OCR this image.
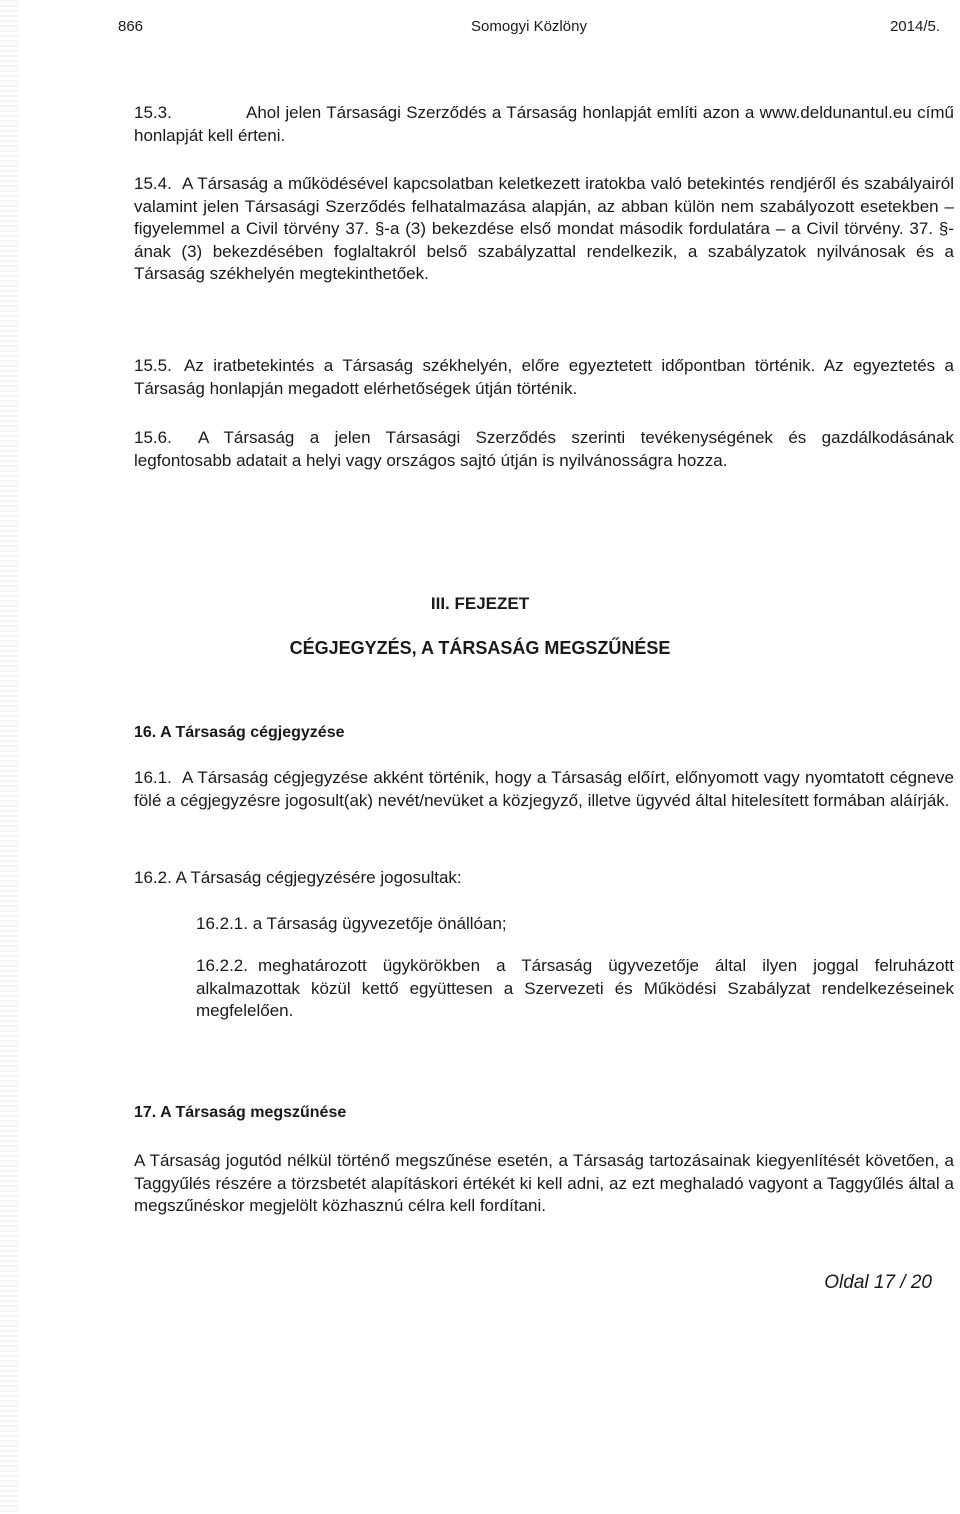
866	Somogyi Közlöny	2014/5.
15.3.	Ahol jelen Társasági Szerződés a Társaság honlapját említi azon a www.deldunantul.eu című honlapját kell érteni.
15.4. A Társaság a működésével kapcsolatban keletkezett iratokba való betekintés rendjéről és szabályairól valamint jelen Társasági Szerződés felhatalmazása alapján, az abban külön nem szabályozott esetekben – figyelemmel a Civil törvény 37. §-a (3) bekezdése első mondat második fordulatára – a Civil törvény. 37. §-ának (3) bekezdésében foglaltakról belső szabályzattal rendelkezik, a szabályzatok nyilvánosak és a Társaság székhelyén megtekinthetőek.
15.5. Az iratbetekintés a Társaság székhelyén, előre egyeztetett időpontban történik. Az egyeztetés a Társaság honlapján megadott elérhetőségek útján történik.
15.6. A Társaság a jelen Társasági Szerződés szerinti tevékenységének és gazdálkodásának legfontosabb adatait a helyi vagy országos sajtó útján is nyilvánosságra hozza.
III. FEJEZET
CÉGJEGYZÉS, A TÁRSASÁG MEGSZŰNÉSE
16. A Társaság cégjegyzése
16.1. A Társaság cégjegyzése akként történik, hogy a Társaság előírt, előnyomott vagy nyomtatott cégneve fölé a cégjegyzésre jogosult(ak) nevét/nevüket a közjegyző, illetve ügyvéd által hitelesített formában aláírják.
16.2. A Társaság cégjegyzésére jogosultak:
16.2.1. a Társaság ügyvezetője önállóan;
16.2.2. meghatározott ügykörökben a Társaság ügyvezetője által ilyen joggal felruházott alkalmazottak közül kettő együttesen a Szervezeti és Működési Szabályzat rendelkezéseinek megfelelően.
17. A Társaság megszűnése
A Társaság jogutód nélkül történő megszűnése esetén, a Társaság tartozásainak kiegyenlítését követően, a Taggyűlés részére a törzsbetét alapításkori értékét ki kell adni, az ezt meghaladó vagyont a Taggyűlés által a megszűnéskor megjelölt közhasznú célra kell fordítani.
Oldal 17 / 20
